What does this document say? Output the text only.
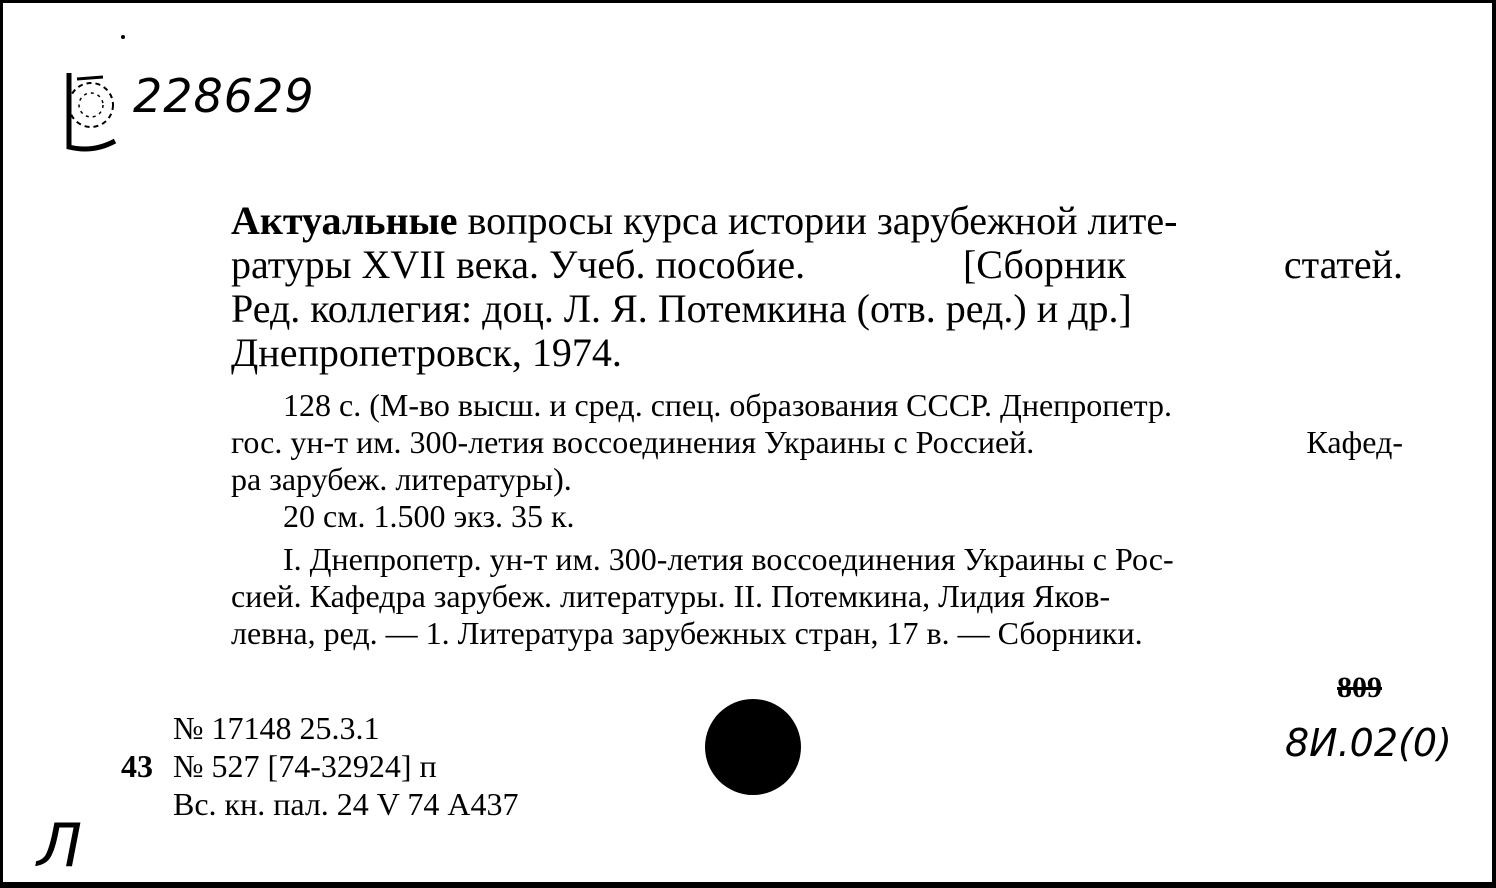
228629
Актуальные вопросы курса истории зарубежной лите-
ратуры XVII века. Учеб. пособие.	[Сборник	статей.
Ред. коллегия: доц. Л. Я. Потемкина (отв. ред.) и др.]
Днепропетровск, 1974.
128 с. (М-во высш. и сред. спец. образования СССР. Днепропетр.
гос. ун-т им. 300-летия воссоединения Украины с Россией.	Кафед-
ра зарубеж. литературы).
20 см. 1.500 экз. 35 к.
I. Днепропетр. ун-т им. 300-летия воссоединения Украины с Рос-
сией. Кафедра зарубеж. литературы. II. Потемкина, Лидия Яков-
левна, ред. — 1. Литература зарубежных стран, 17 в. — Сборники.
№ 17148 25.3.1
43 № 527 [74-32924] п
Вс. кн. пал. 24 V 74 А437
809
8И.02(0)
Л
